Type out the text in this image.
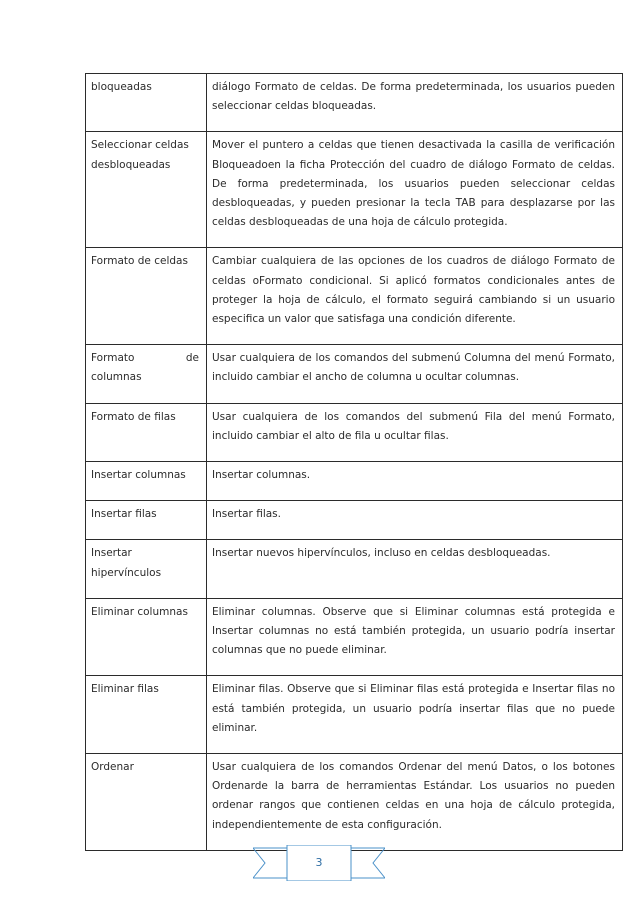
bloqueadas	diálogo Formato de celdas. De forma predeterminada, los usuarios pueden seleccionar celdas bloqueadas.
Seleccionar celdas desbloqueadas	Mover el puntero a celdas que tienen desactivada la casilla de verificación Bloqueadoen la ficha Protección del cuadro de diálogo Formato de celdas. De forma predeterminada, los usuarios pueden seleccionar celdas desbloqueadas, y pueden presionar la tecla TAB para desplazarse por las celdas desbloqueadas de una hoja de cálculo protegida.
Formato de celdas	Cambiar cualquiera de las opciones de los cuadros de diálogo Formato de celdas oFormato condicional. Si aplicó formatos condicionales antes de proteger la hoja de cálculo, el formato seguirá cambiando si un usuario especifica un valor que satisfaga una condición diferente.
Formato de columnas	Usar cualquiera de los comandos del submenú Columna del menú Formato, incluido cambiar el ancho de columna u ocultar columnas.
Formato de filas	Usar cualquiera de los comandos del submenú Fila del menú Formato, incluido cambiar el alto de fila u ocultar filas.
Insertar columnas	Insertar columnas.
Insertar filas	Insertar filas.
Insertar hipervínculos	Insertar nuevos hipervínculos, incluso en celdas desbloqueadas.
Eliminar columnas	Eliminar columnas. Observe que si Eliminar columnas está protegida e Insertar columnas no está también protegida, un usuario podría insertar columnas que no puede eliminar.
Eliminar filas	Eliminar filas. Observe que si Eliminar filas está protegida e Insertar filas no está también protegida, un usuario podría insertar filas que no puede eliminar.
Ordenar	Usar cualquiera de los comandos Ordenar del menú Datos, o los botones Ordenarde la barra de herramientas Estándar. Los usuarios no pueden ordenar rangos que contienen celdas en una hoja de cálculo protegida, independientemente de esta configuración.
3
